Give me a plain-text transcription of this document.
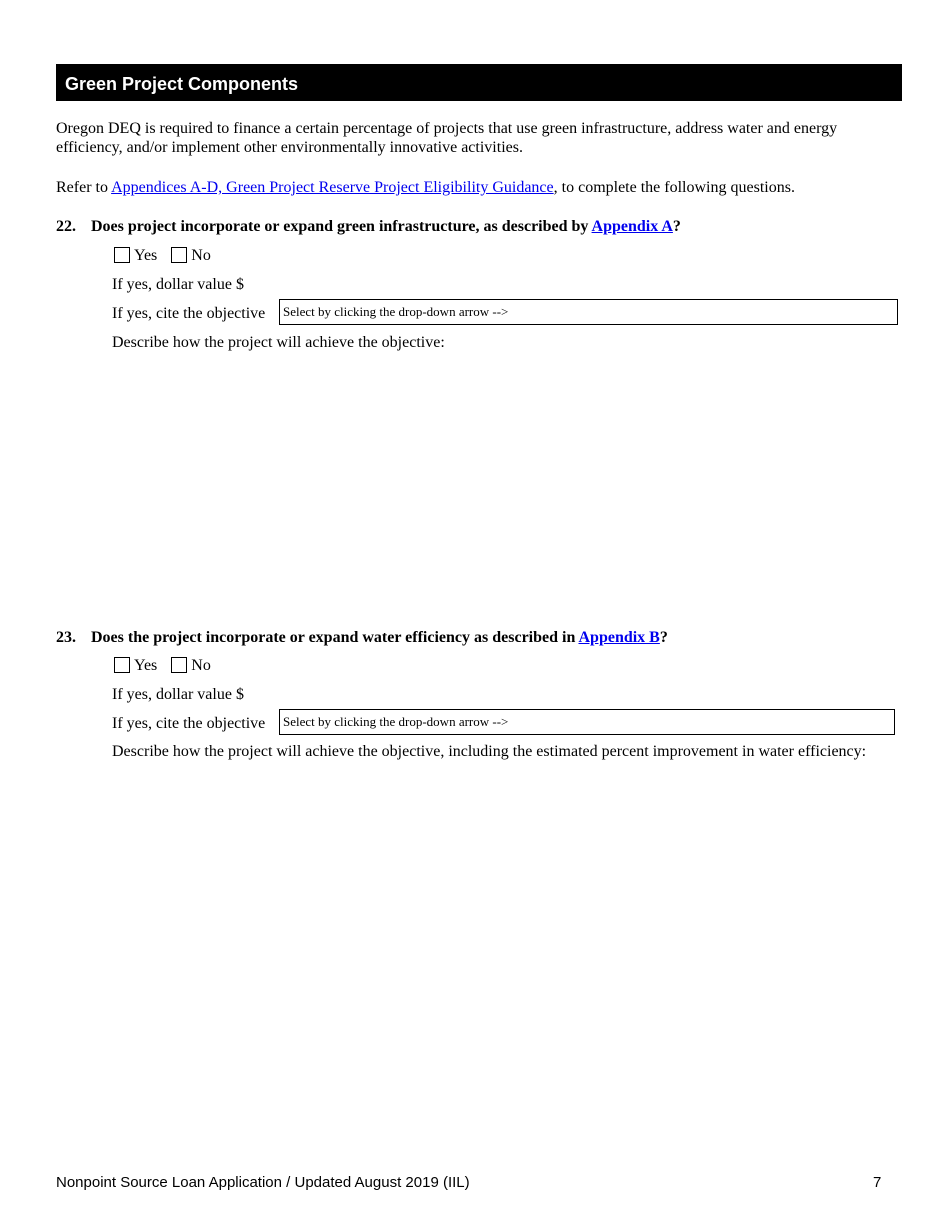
Green Project Components
Oregon DEQ is required to finance a certain percentage of projects that use green infrastructure, address water and energy efficiency, and/or implement other environmentally innovative activities.
Refer to Appendices A-D, Green Project Reserve Project Eligibility Guidance, to complete the following questions.
22. Does project incorporate or expand green infrastructure, as described by Appendix A?
Yes No
If yes, dollar value $
If yes, cite the objective	Select by clicking the drop-down arrow -->
Describe how the project will achieve the objective:
23. Does the project incorporate or expand water efficiency as described in Appendix B?
Yes No
If yes, dollar value $
If yes, cite the objective	Select by clicking the drop-down arrow -->
Describe how the project will achieve the objective, including the estimated percent improvement in water efficiency:
Nonpoint Source Loan Application / Updated August 2019 (IIL)	7
